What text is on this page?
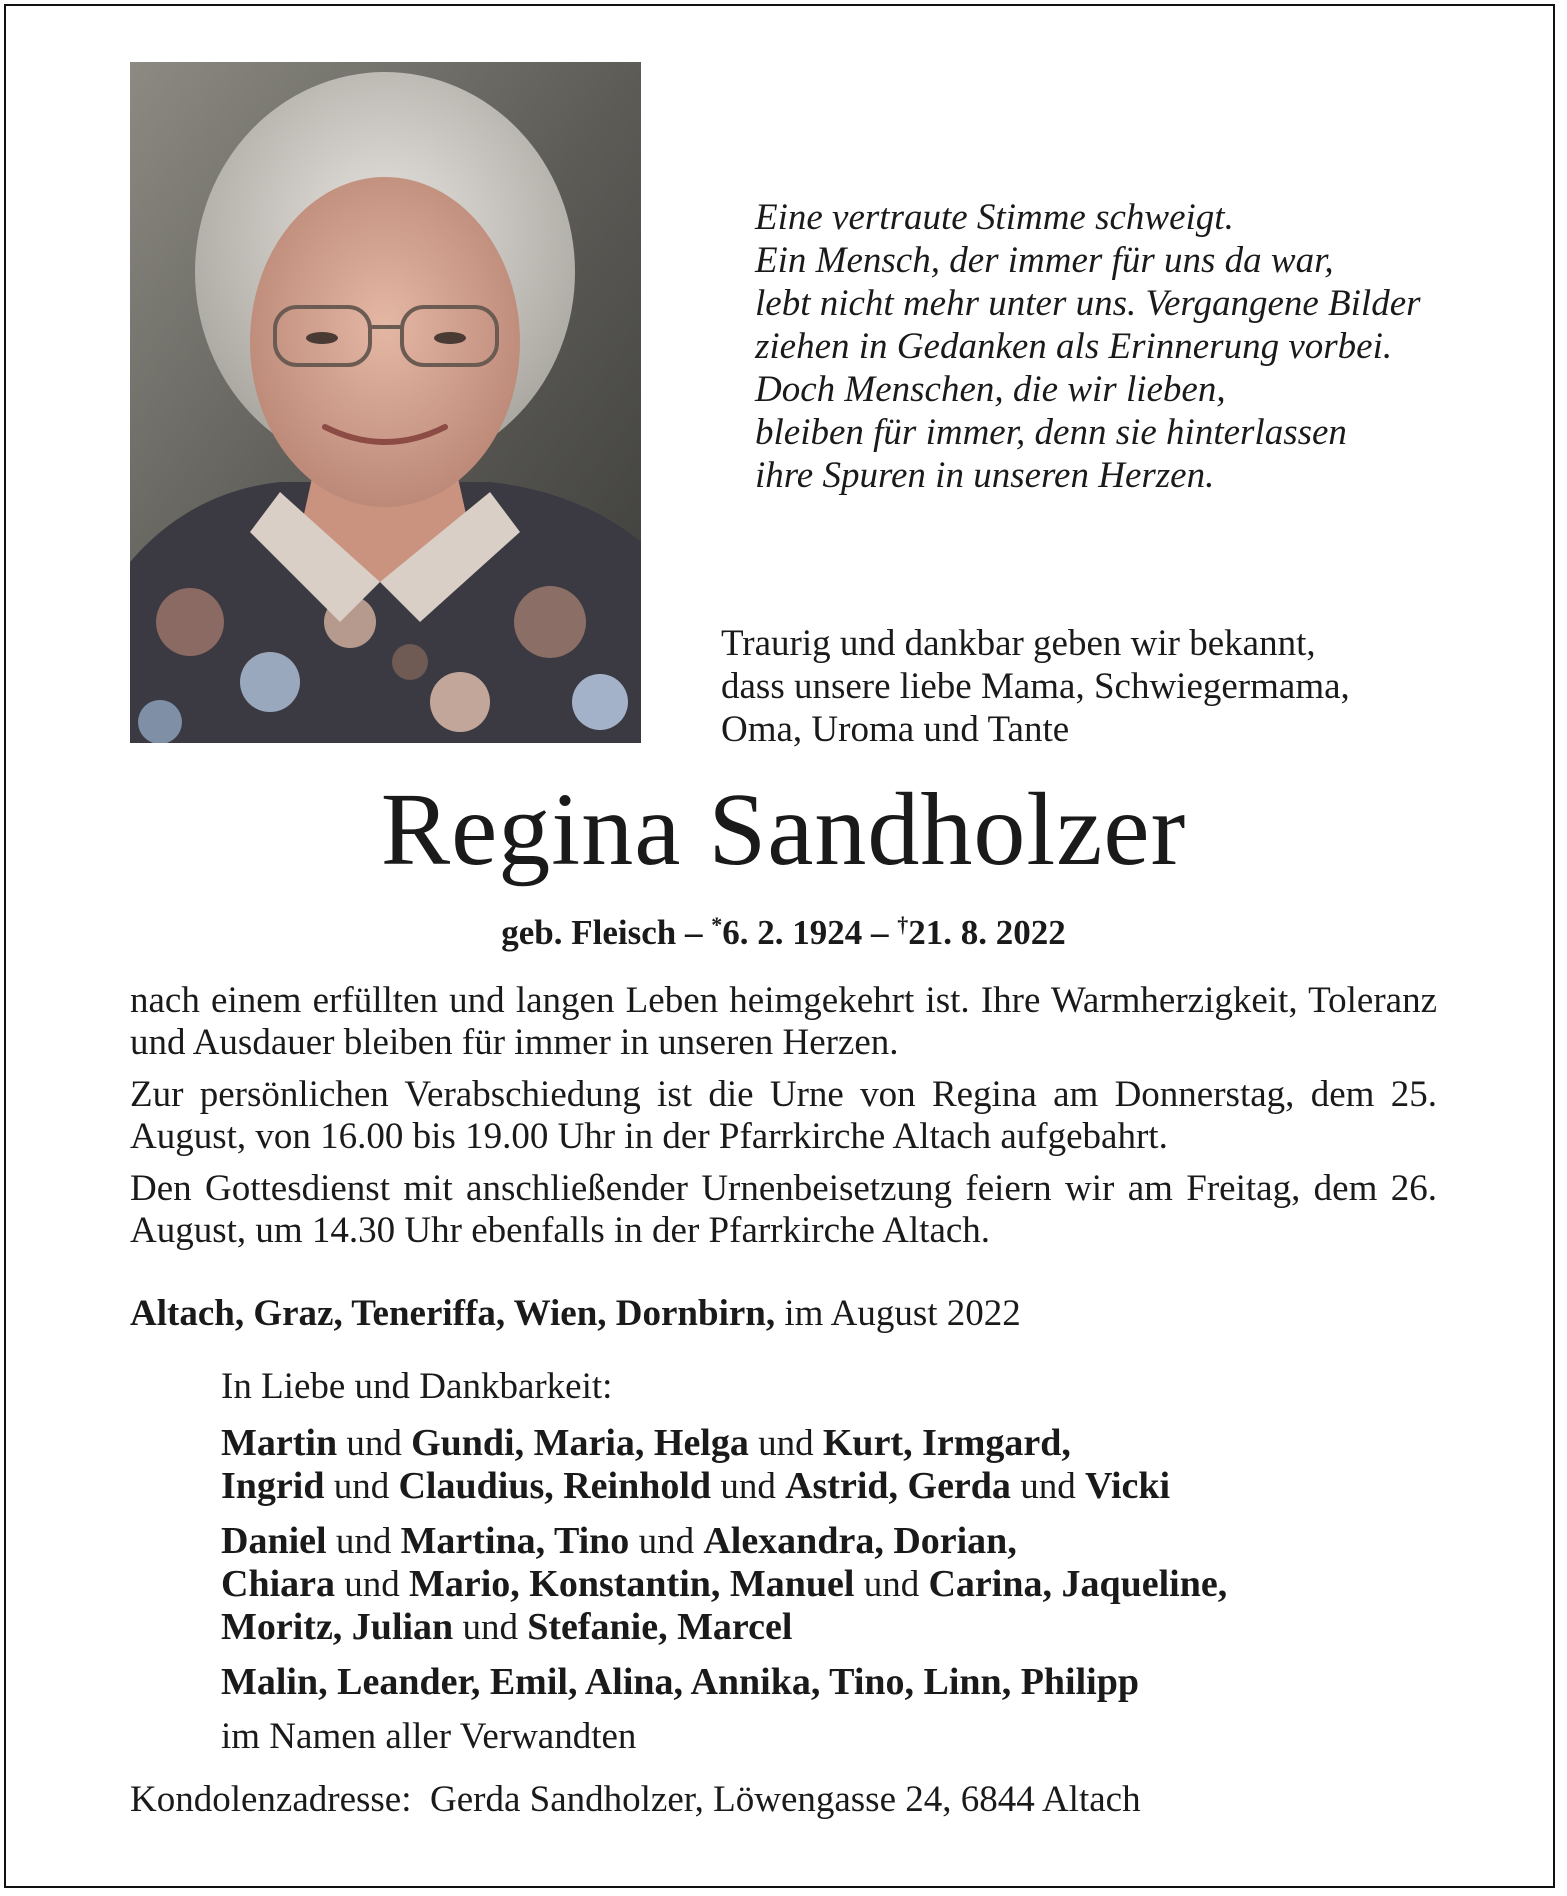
Eine vertraute Stimme schweigt.
Ein Mensch, der immer für uns da war,
lebt nicht mehr unter uns. Vergangene Bilder
ziehen in Gedanken als Erinnerung vorbei.
Doch Menschen, die wir lieben,
bleiben für immer, denn sie hinterlassen
ihre Spuren in unseren Herzen.
Traurig und dankbar geben wir bekannt,
dass unsere liebe Mama, Schwiegermama,
Oma, Uroma und Tante
Regina Sandholzer
geb. Fleisch – *6. 2. 1924 – †21. 8. 2022

nach einem erfüllten und langen Leben heimgekehrt ist. Ihre Warmherzigkeit, Toleranz und Ausdauer bleiben für immer in unseren Herzen.

Zur persönlichen Verabschiedung ist die Urne von Regina am Donnerstag, dem 25. August, von 16.00 bis 19.00 Uhr in der Pfarrkirche Altach aufgebahrt.

Den Gottesdienst mit anschließender Urnenbeisetzung feiern wir am Freitag, dem 26. August, um 14.30 Uhr ebenfalls in der Pfarrkirche Altach.

Altach, Graz, Teneriffa, Wien, Dornbirn, im August 2022
In Liebe und Dankbarkeit:
Martin und Gundi, Maria, Helga und Kurt, Irmgard,
Ingrid und Claudius, Reinhold und Astrid, Gerda und Vicki
Daniel und Martina, Tino und Alexandra, Dorian,
Chiara und Mario, Konstantin, Manuel und Carina, Jaqueline,
Moritz, Julian und Stefanie, Marcel
Malin, Leander, Emil, Alina, Annika, Tino, Linn, Philipp
im Namen aller Verwandten
Kondolenzadresse: Gerda Sandholzer, Löwengasse 24, 6844 Altach
